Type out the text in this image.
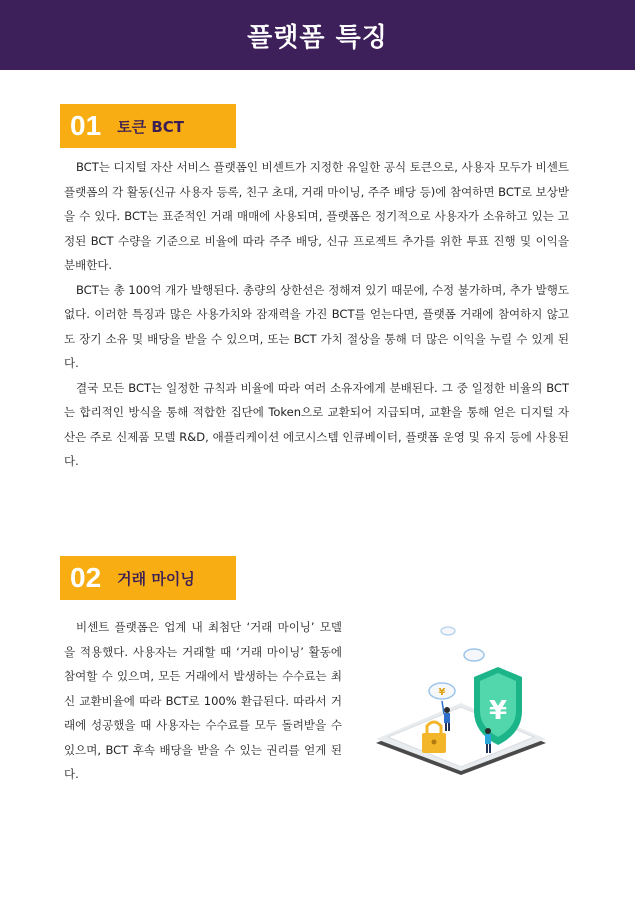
플랫폼 특징
01 토큰 BCT

BCT는 디지털 자산 서비스 플랫폼인 비센트가 지정한 유일한 공식 토큰으로, 사용자 모두가 비센트 플랫폼의 각 활동(신규 사용자 등록, 친구 초대, 거래 마이닝, 주주 배당 등)에 참여하면 BCT로 보상받을 수 있다. BCT는 표준적인 거래 매매에 사용되며, 플랫폼은 정기적으로 사용자가 소유하고 있는 고정된 BCT 수량을 기준으로 비율에 따라 주주 배당, 신규 프로젝트 추가를 위한 투표 진행 및 이익을 분배한다.

BCT는 총 100억 개가 발행된다. 총량의 상한선은 정해져 있기 때문에, 수정 불가하며, 추가 발행도 없다. 이러한 특징과 많은 사용가치와 잠재력을 가진 BCT를 얻는다면, 플랫폼 거래에 참여하지 않고도 장기 소유 및 배당을 받을 수 있으며, 또는 BCT 가치 절상을 통해 더 많은 이익을 누릴 수 있게 된다.

결국 모든 BCT는 일정한 규칙과 비율에 따라 여러 소유자에게 분배된다. 그 중 일정한 비율의 BCT는 합리적인 방식을 통해 적합한 집단에 Token으로 교환되어 지급되며, 교환을 통해 얻은 디지털 자산은 주로 신제품 모델 R&D, 애플리케이션 에코시스템 인큐베이터, 플랫폼 운영 및 유지 등에 사용된다.

02 거래 마이닝

비센트 플랫폼은 업계 내 최첨단 ‘거래 마이닝’ 모델을 적용했다. 사용자는 거래할 때 ‘거래 마이닝’ 활동에 참여할 수 있으며, 모든 거래에서 발생하는 수수료는 최신 교환비율에 따라 BCT로 100% 환급된다. 따라서 거래에 성공했을 때 사용자는 수수료를 모두 돌려받을 수 있으며, BCT 후속 배당을 받을 수 있는 권리를 얻게 된다.

¥
¥
